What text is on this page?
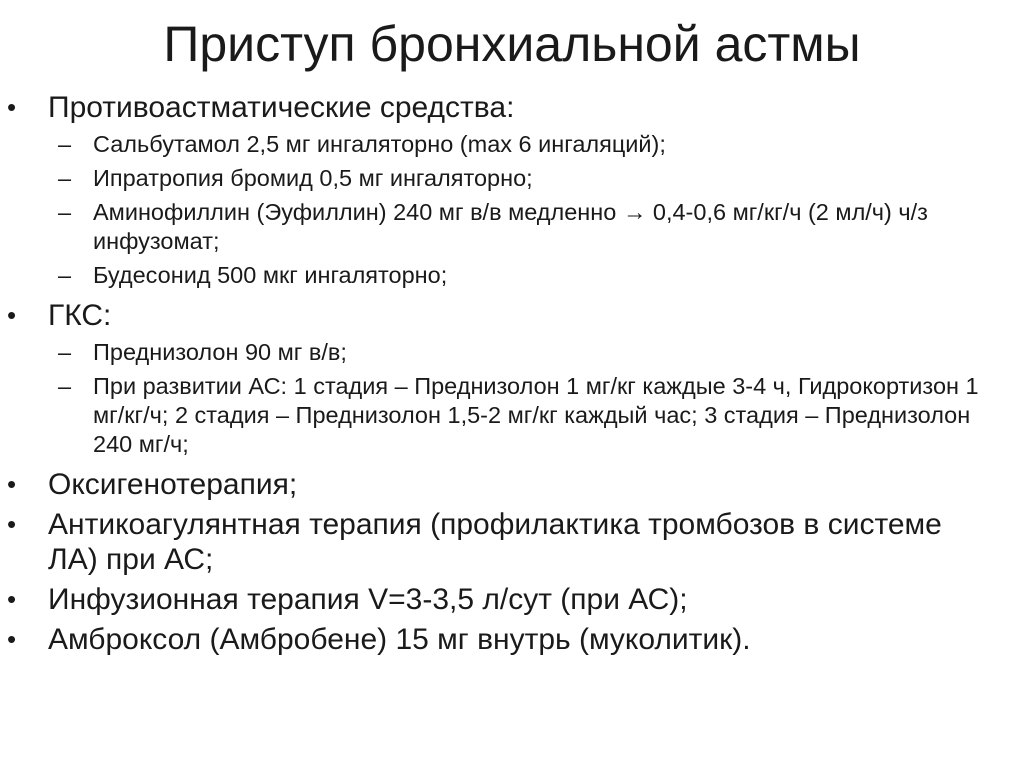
Приступ бронхиальной астмы
• Противоастматические средства:
– Сальбутамол 2,5 мг ингаляторно (max 6 ингаляций);
– Ипратропия бромид 0,5 мг ингаляторно;
– Аминофиллин (Эуфиллин) 240 мг в/в медленно → 0,4-0,6 мг/кг/ч (2 мл/ч) ч/з инфузомат;
– Будесонид 500 мкг ингаляторно;
• ГКС:
– Преднизолон 90 мг в/в;
– При развитии АС: 1 стадия – Преднизолон 1 мг/кг каждые 3-4 ч, Гидрокортизон 1 мг/кг/ч; 2 стадия – Преднизолон 1,5-2 мг/кг каждый час; 3 стадия – Преднизолон 240 мг/ч;
• Оксигенотерапия;
• Антикоагулянтная терапия (профилактика тромбозов в системе ЛА) при АС;
• Инфузионная терапия V=3-3,5 л/сут (при АС);
• Амброксол (Амбробене) 15 мг внутрь (муколитик).
